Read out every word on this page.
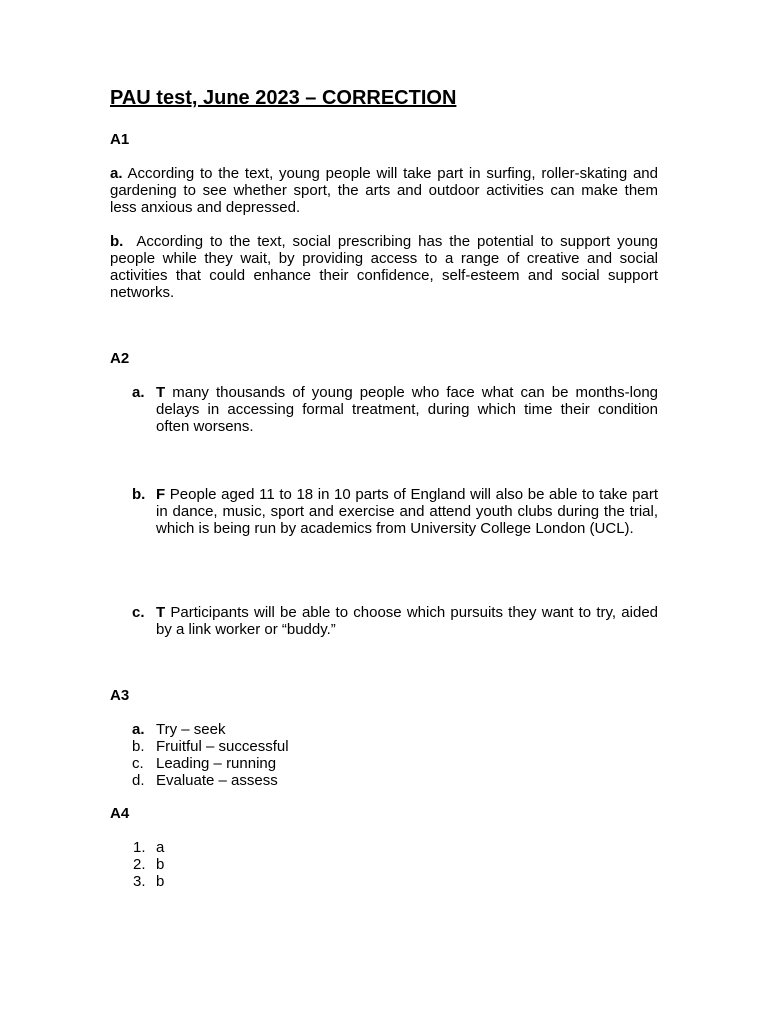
PAU test, June 2023 – CORRECTION
A1
a. According to the text, young people will take part in surfing, roller-skating and gardening to see whether sport, the arts and outdoor activities can make them less anxious and depressed.
b. According to the text, social prescribing has the potential to support young people while they wait, by providing access to a range of creative and social activities that could enhance their confidence, self-esteem and social support networks.
A2
a. T many thousands of young people who face what can be months-long delays in accessing formal treatment, during which time their condition often worsens.
b. F People aged 11 to 18 in 10 parts of England will also be able to take part in dance, music, sport and exercise and attend youth clubs during the trial, which is being run by academics from University College London (UCL).
c. T Participants will be able to choose which pursuits they want to try, aided by a link worker or “buddy.”
A3
a. Try – seek
b. Fruitful – successful
c. Leading – running
d. Evaluate – assess
A4
1. a
2. b
3. b
